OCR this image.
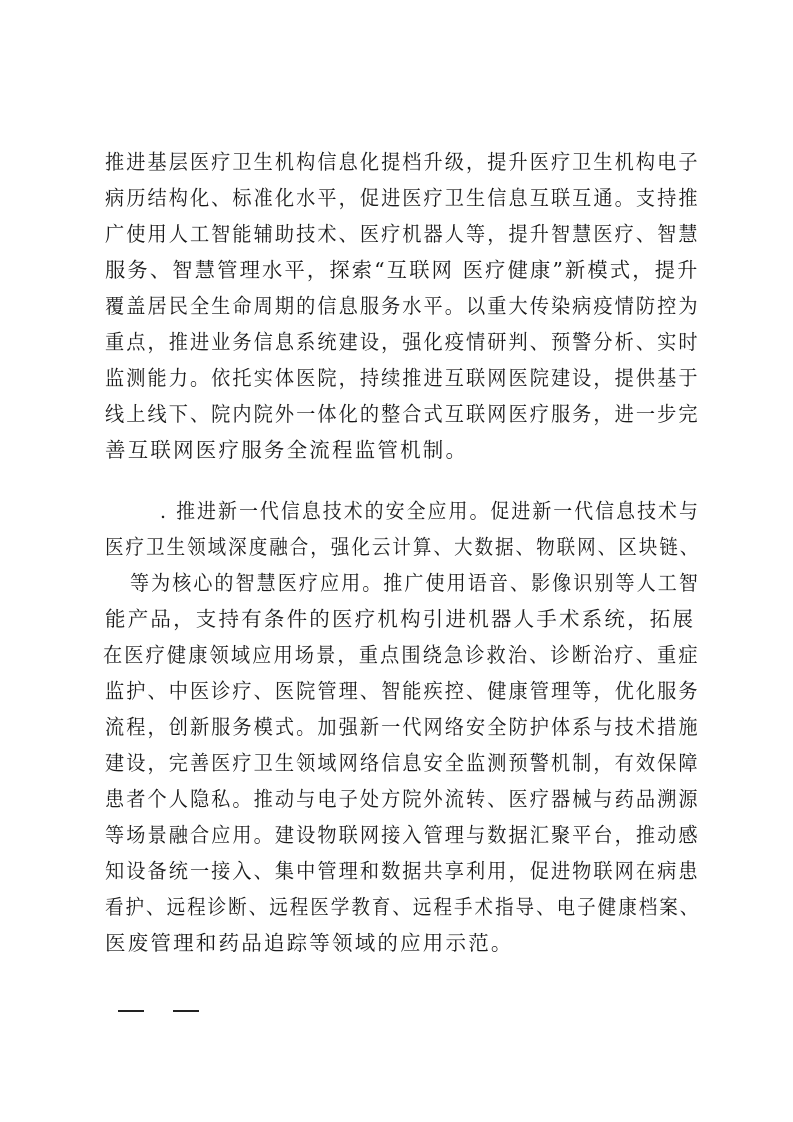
推进基层医疗卫生机构信息化提档升级，提升医疗卫生机构电子
病历结构化、标准化水平，促进医疗卫生信息互联互通。支持推
广使用人工智能辅助技术、医疗机器人等，提升智慧医疗、智慧
服务、智慧管理水平，探索“互联网 医疗健康”新模式，提升
覆盖居民全生命周期的信息服务水平。以重大传染病疫情防控为
重点，推进业务信息系统建设，强化疫情研判、预警分析、实时
监测能力。依托实体医院，持续推进互联网医院建设，提供基于
线上线下、院内院外一体化的整合式互联网医疗服务，进一步完
善互联网医疗服务全流程监管机制。
. 推进新一代信息技术的安全应用。促进新一代信息技术与
医疗卫生领域深度融合，强化云计算、大数据、物联网、区块链、
等为核心的智慧医疗应用。推广使用语音、影像识别等人工智
能产品，支持有条件的医疗机构引进机器人手术系统，拓展
在医疗健康领域应用场景，重点围绕急诊救治、诊断治疗、重症
监护、中医诊疗、医院管理、智能疾控、健康管理等，优化服务
流程，创新服务模式。加强新一代网络安全防护体系与技术措施
建设，完善医疗卫生领域网络信息安全监测预警机制，有效保障
患者个人隐私。推动与电子处方院外流转、医疗器械与药品溯源
等场景融合应用。建设物联网接入管理与数据汇聚平台，推动感
知设备统一接入、集中管理和数据共享利用，促进物联网在病患
看护、远程诊断、远程医学教育、远程手术指导、电子健康档案、
医废管理和药品追踪等领域的应用示范。
